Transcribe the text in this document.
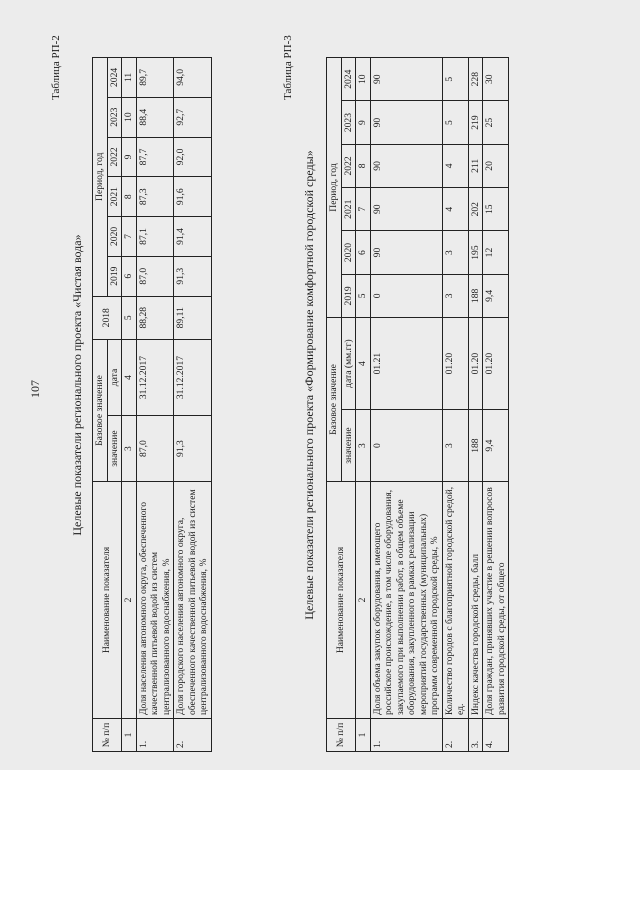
107
Таблица РП-2
Целевые показатели регионального проекта «Чистая вода»
№ п/п	Наименование показателя	Базовое значение		2018	Период, год					
		значение	дата		2019	2020	2021	2022	2023	2024
1	2	3	4	5	6	7	8	9	10	11
1.	Доля населения автономного округа, обеспеченного качественной питьевой водой из систем централизованного водоснабжения, %	87,0	31.12.2017	88,28	87,0	87,1	87,3	87,7	88,4	89,7
2.	Доля городского населения автономного округа, обеспеченного качественной питьевой водой из систем централизованного водоснабжения, %	91,3	31.12.2017	89,11	91,3	91,4	91,6	92,0	92,7	94,0	Таблица РП-3
Целевые показатели регионального проекта «Формирование комфортной городской среды»
№ п/п	Наименование показателя	Базовое значение		Период, год					
		значение	дата (мм.гг)	2019	2020	2021	2022	2023	2024
1	2	3	4	5	6	7	8	9	10
1.	Доля объема закупок оборудования, имеющего российское происхождение, в том числе оборудования, закупаемого при выполнении работ, в общем объеме оборудования, закупленного в рамках реализации мероприятий государственных (муниципальных) программ современной городской среды, %	0	01.21	0	90	90	90	90	90
2.	Количество городов с благоприятной городской средой, ед.	3	01.20	3	3	4	4	5	5
3.	Индекс качества городской среды, балл	188	01.20	188	195	202	211	219	228
4.	Доля граждан, принявших участие в решении вопросов развития городской среды, от общего	9,4	01.20	9,4	12	15	20	25	30
